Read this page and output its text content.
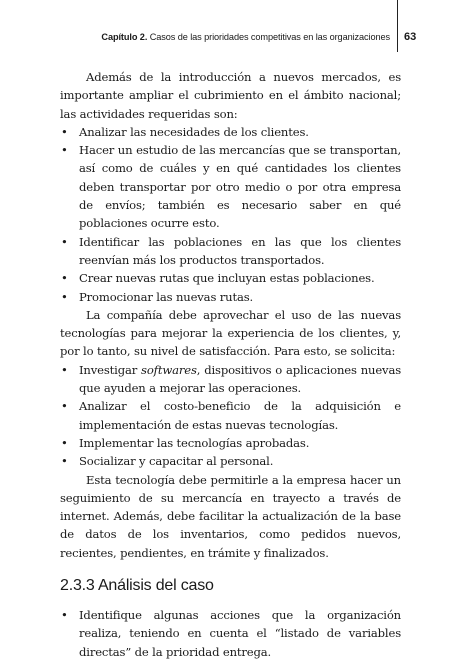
Capítulo 2. Casos de las prioridades competitivas en las organizaciones 63

Además de la introducción a nuevos mercados, es importante ampliar el cubrimiento en el ámbito nacional; las actividades requeridas son:

• Analizar las necesidades de los clientes.
• Hacer un estudio de las mercancías que se transportan, así como de cuáles y en qué cantidades los clientes deben transportar por otro medio o por otra empresa de envíos; también es necesario saber en qué poblaciones ocurre esto.
• Identificar las poblaciones en las que los clientes reenvían más los productos transportados.
• Crear nuevas rutas que incluyan estas poblaciones.
• Promocionar las nuevas rutas.

La compañía debe aprovechar el uso de las nuevas tecnologías para mejorar la experiencia de los clientes, y, por lo tanto, su nivel de satisfacción. Para esto, se solicita:

• Investigar softwares, dispositivos o aplicaciones nuevas que ayuden a mejorar las operaciones.
• Analizar el costo-beneficio de la adquisición e implementación de estas nuevas tecnologías.
• Implementar las tecnologías aprobadas.
• Socializar y capacitar al personal.

Esta tecnología debe permitirle a la empresa hacer un seguimiento de su mercancía en trayecto a través de internet. Además, debe facilitar la actualización de la base de datos de los inventarios, como pedidos nuevos, recientes, pendientes, en trámite y finalizados.

2.3.3 Análisis del caso
• Identifique algunas acciones que la organización realiza, teniendo en cuenta el “listado de variables directas” de la prioridad entrega.
